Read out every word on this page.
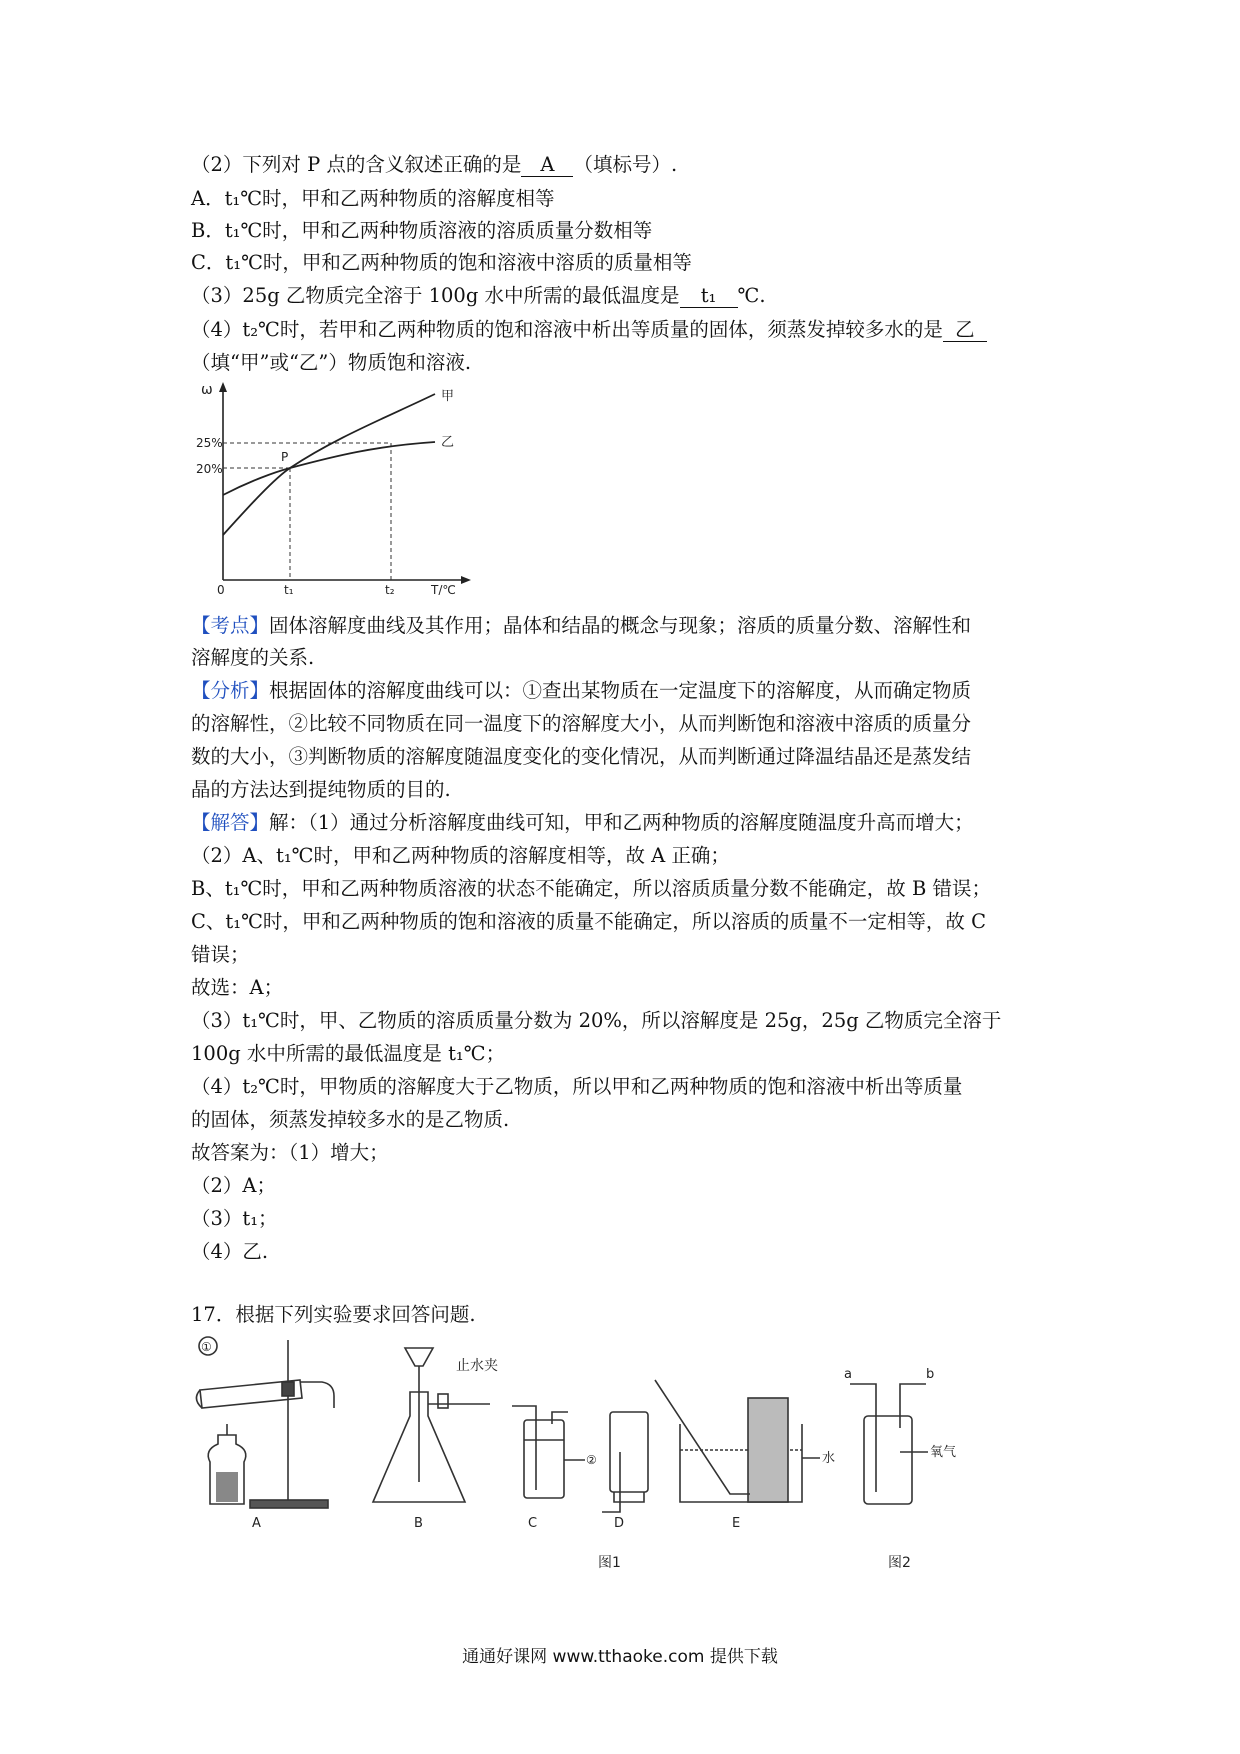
（2）下列对 P 点的含义叙述正确的是 A （填标号）.
A．t₁℃时，甲和乙两种物质的溶解度相等
B．t₁℃时，甲和乙两种物质溶液的溶质质量分数相等
C．t₁℃时，甲和乙两种物质的饱和溶液中溶质的质量相等
（3）25g 乙物质完全溶于 100g 水中所需的最低温度是 t₁ ℃.
（4）t₂℃时，若甲和乙两种物质的饱和溶液中析出等质量的固体，须蒸发掉较多水的是 乙
（填“甲”或“乙”）物质饱和溶液.
ω
25%
20%
P
甲
乙
0	t₁	t₂	T/℃
【考点】固体溶解度曲线及其作用；晶体和结晶的概念与现象；溶质的质量分数、溶解性和
溶解度的关系.
【分析】根据固体的溶解度曲线可以：①查出某物质在一定温度下的溶解度，从而确定物质
的溶解性，②比较不同物质在同一温度下的溶解度大小，从而判断饱和溶液中溶质的质量分
数的大小，③判断物质的溶解度随温度变化的变化情况，从而判断通过降温结晶还是蒸发结
晶的方法达到提纯物质的目的.
【解答】解：（1）通过分析溶解度曲线可知，甲和乙两种物质的溶解度随温度升高而增大；
（2）A、t₁℃时，甲和乙两种物质的溶解度相等，故 A 正确；
B、t₁℃时，甲和乙两种物质溶液的状态不能确定，所以溶质质量分数不能确定，故 B 错误；
C、t₁℃时，甲和乙两种物质的饱和溶液的质量不能确定，所以溶质的质量不一定相等，故 C
错误；
故选：A；
（3）t₁℃时，甲、乙物质的溶质质量分数为 20%，所以溶解度是 25g，25g 乙物质完全溶于
100g 水中所需的最低温度是 t₁℃；
（4）t₂℃时，甲物质的溶解度大于乙物质，所以甲和乙两种物质的饱和溶液中析出等质量
的固体，须蒸发掉较多水的是乙物质.
故答案为：（1）增大；
（2）A；
（3）t₁；
（4）乙.
17．根据下列实验要求回答问题.
①
②
止水夹
水	氧气
a	b
A	B	C	D	E
图1	图2
通通好课网 www.tthaoke.com 提供下载
